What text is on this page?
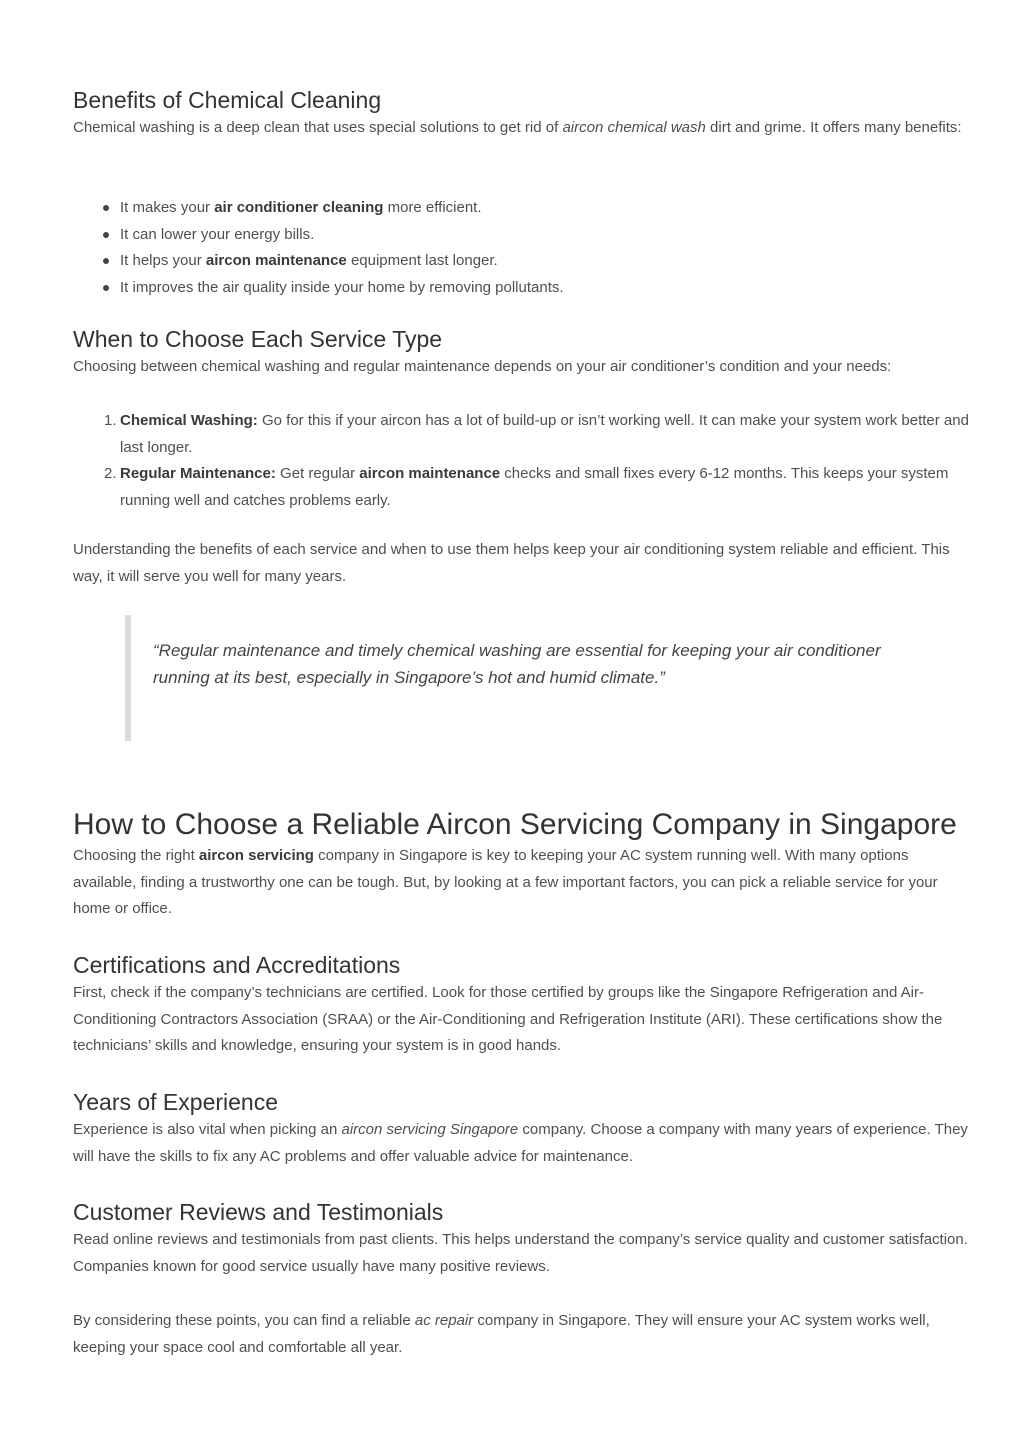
Benefits of Chemical Cleaning

Chemical washing is a deep clean that uses special solutions to get rid of aircon chemical wash dirt and grime. It offers many benefits:

It makes your air conditioner cleaning more efficient.
It can lower your energy bills.
It helps your aircon maintenance equipment last longer.
It improves the air quality inside your home by removing pollutants.
When to Choose Each Service Type

Choosing between chemical washing and regular maintenance depends on your air conditioner’s condition and your needs:

1. Chemical Washing: Go for this if your aircon has a lot of build-up or isn’t working well. It can make your system work better and last longer.
2. Regular Maintenance: Get regular aircon maintenance checks and small fixes every 6-12 months. This keeps your system running well and catches problems early.

Understanding the benefits of each service and when to use them helps keep your air conditioning system reliable and efficient. This way, it will serve you well for many years.

“Regular maintenance and timely chemical washing are essential for keeping your air conditioner running at its best, especially in Singapore’s hot and humid climate.”

How to Choose a Reliable Aircon Servicing Company in Singapore

Choosing the right aircon servicing company in Singapore is key to keeping your AC system running well. With many options available, finding a trustworthy one can be tough. But, by looking at a few important factors, you can pick a reliable service for your home or office.

Certifications and Accreditations

First, check if the company’s technicians are certified. Look for those certified by groups like the Singapore Refrigeration and Air-Conditioning Contractors Association (SRAA) or the Air-Conditioning and Refrigeration Institute (ARI). These certifications show the technicians’ skills and knowledge, ensuring your system is in good hands.

Years of Experience

Experience is also vital when picking an aircon servicing Singapore company. Choose a company with many years of experience. They will have the skills to fix any AC problems and offer valuable advice for maintenance.

Customer Reviews and Testimonials

Read online reviews and testimonials from past clients. This helps understand the company’s service quality and customer satisfaction. Companies known for good service usually have many positive reviews.

By considering these points, you can find a reliable ac repair company in Singapore. They will ensure your AC system works well, keeping your space cool and comfortable all year.
